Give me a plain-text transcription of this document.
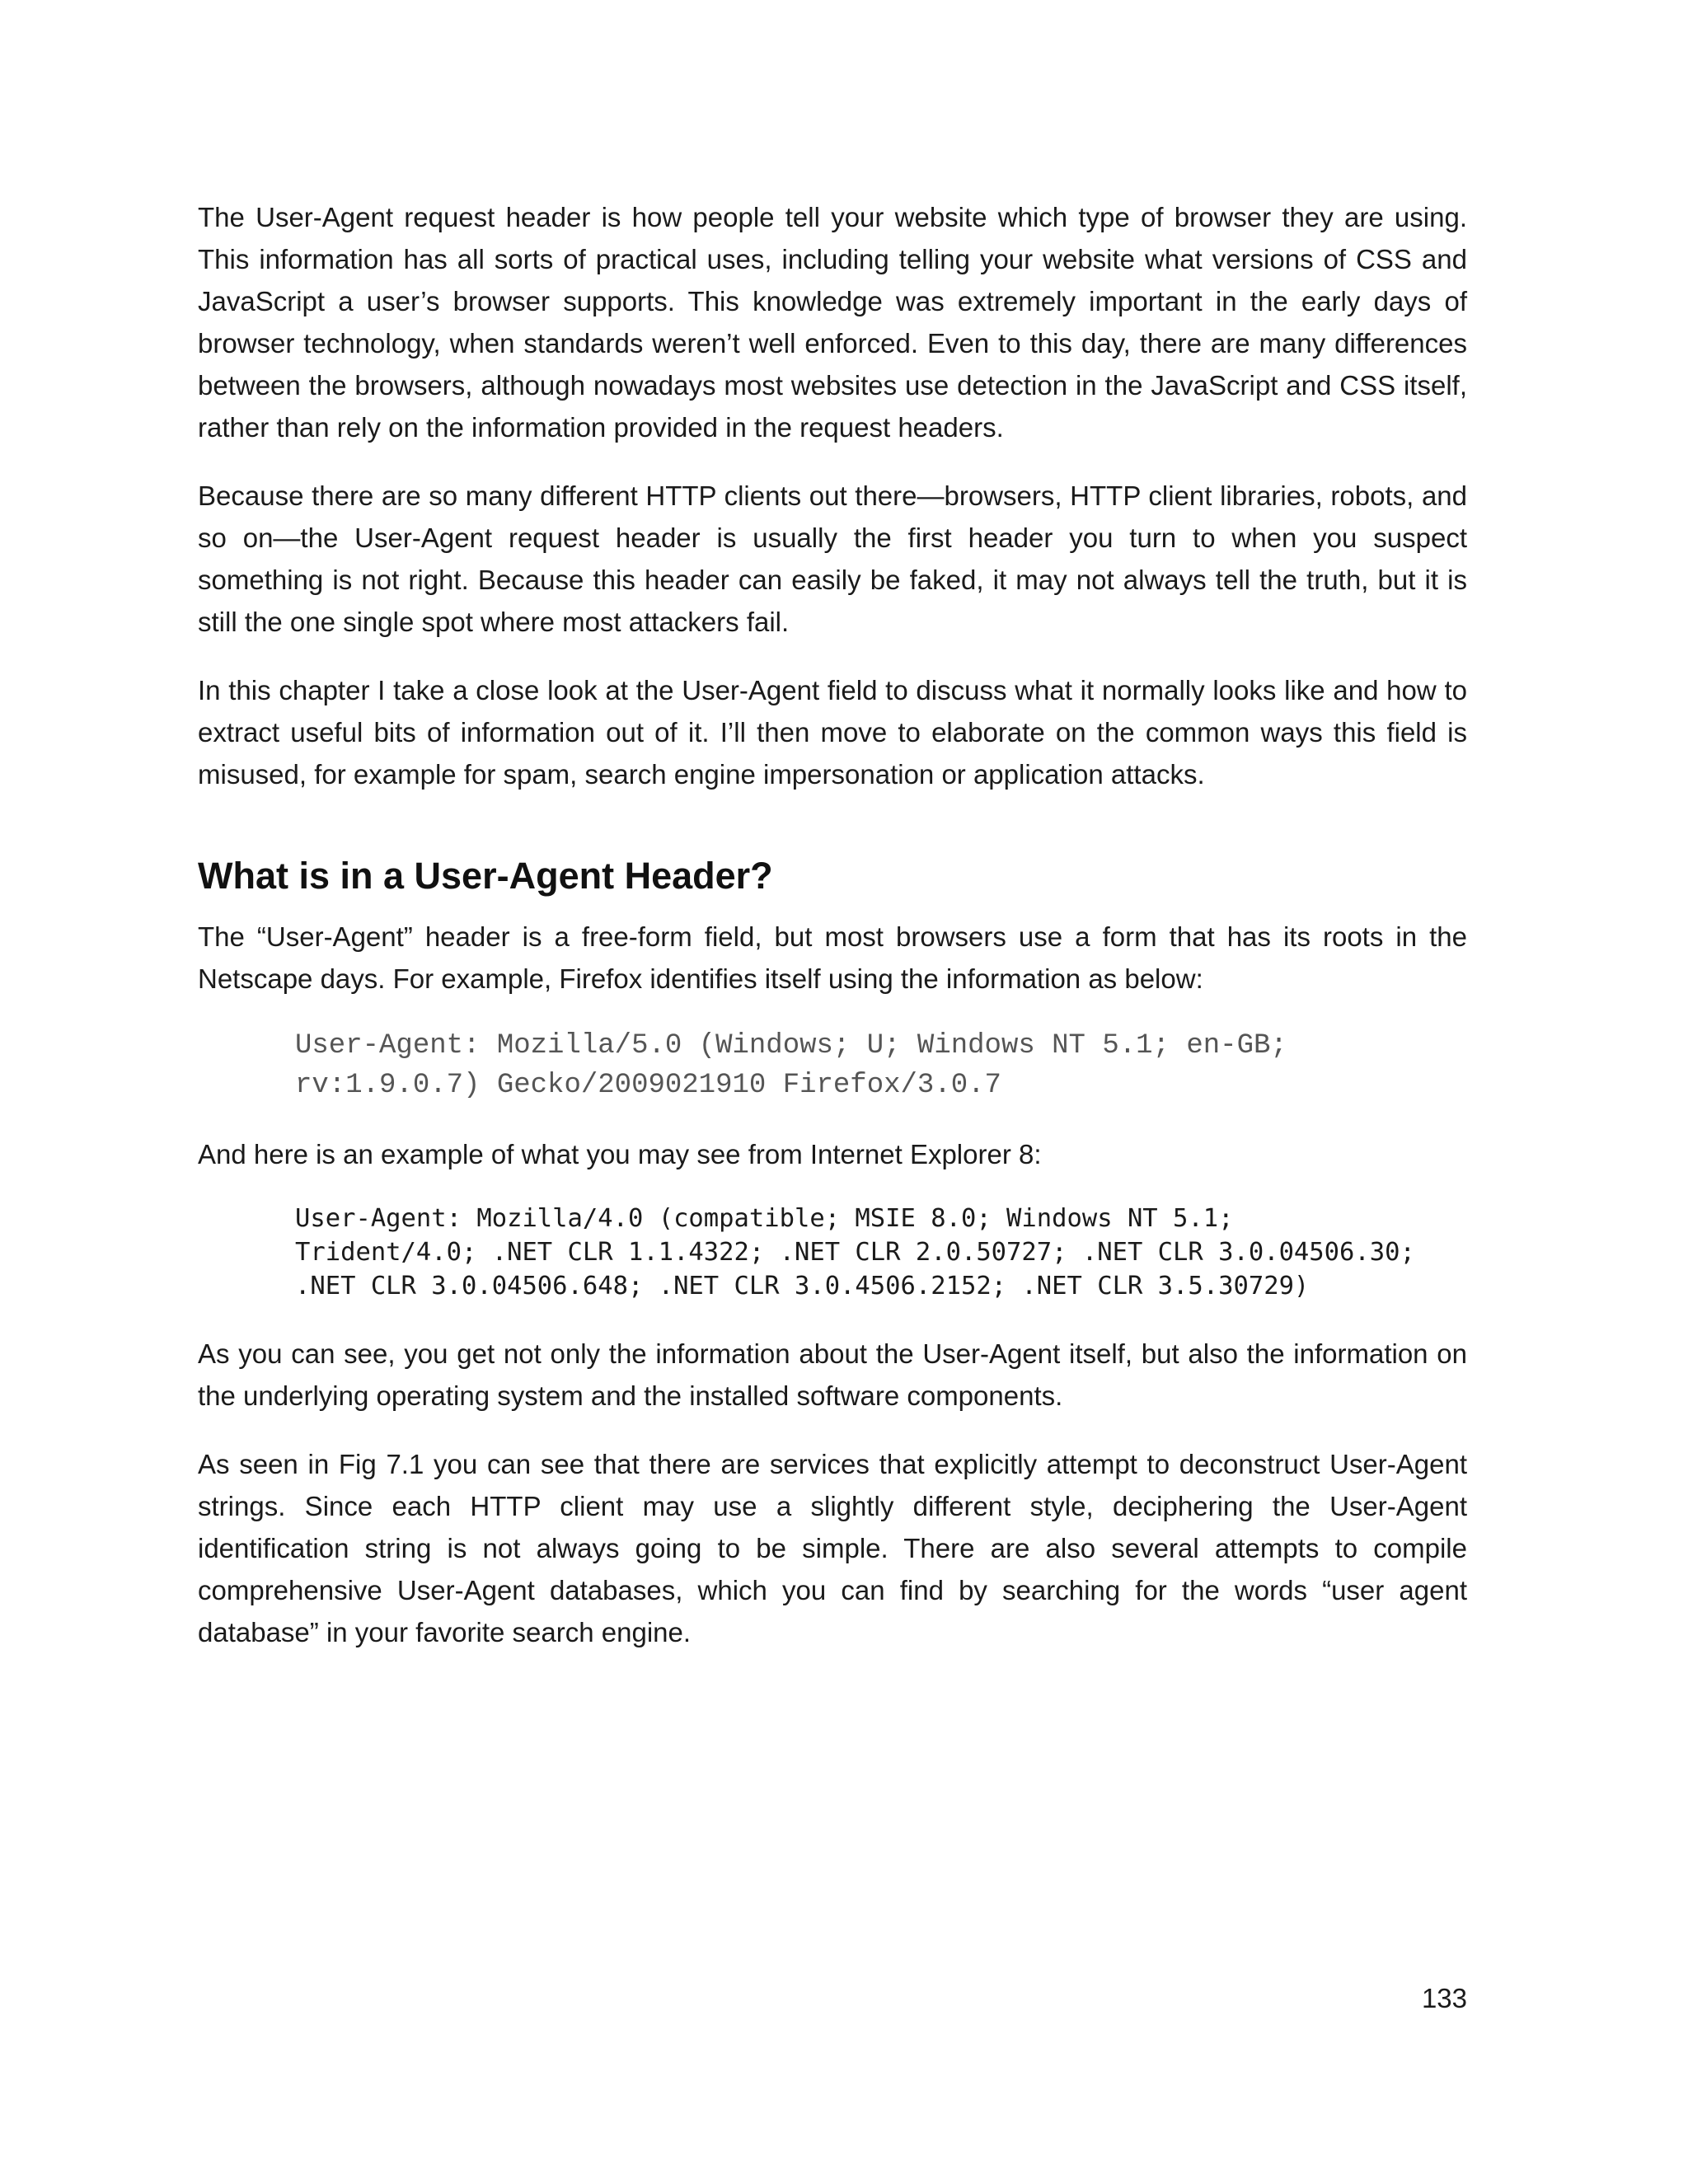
The User-Agent request header is how people tell your website which type of browser they are using. This information has all sorts of practical uses, including telling your website what versions of CSS and JavaScript a user’s browser supports. This knowledge was extremely important in the early days of browser technology, when standards weren’t well enforced. Even to this day, there are many differences between the browsers, although nowadays most websites use detection in the JavaScript and CSS itself, rather than rely on the information provided in the request headers.

Because there are so many different HTTP clients out there—browsers, HTTP client libraries, robots, and so on—the User-Agent request header is usually the first header you turn to when you suspect something is not right. Because this header can easily be faked, it may not always tell the truth, but it is still the one single spot where most attackers fail.

In this chapter I take a close look at the User-Agent field to discuss what it normally looks like and how to extract useful bits of information out of it. I’ll then move to elaborate on the common ways this field is misused, for example for spam, search engine impersonation or application attacks.

What is in a User-Agent Header?

The “User-Agent” header is a free-form field, but most browsers use a form that has its roots in the Netscape days. For example, Firefox identifies itself using the information as below:

User-Agent: Mozilla/5.0 (Windows; U; Windows NT 5.1; en-GB;
rv:1.9.0.7) Gecko/2009021910 Firefox/3.0.7

And here is an example of what you may see from Internet Explorer 8:

User-Agent: Mozilla/4.0 (compatible; MSIE 8.0; Windows NT 5.1;
Trident/4.0; .NET CLR 1.1.4322; .NET CLR 2.0.50727; .NET CLR 3.0.04506.30;
.NET CLR 3.0.04506.648; .NET CLR 3.0.4506.2152; .NET CLR 3.5.30729)

As you can see, you get not only the information about the User-Agent itself, but also the information on the underlying operating system and the installed software components.

As seen in Fig 7.1 you can see that there are services that explicitly attempt to deconstruct User-Agent strings. Since each HTTP client may use a slightly different style, deciphering the User-Agent identification string is not always going to be simple. There are also several attempts to compile comprehensive User-Agent databases, which you can find by searching for the words “user agent database” in your favorite search engine.

133
